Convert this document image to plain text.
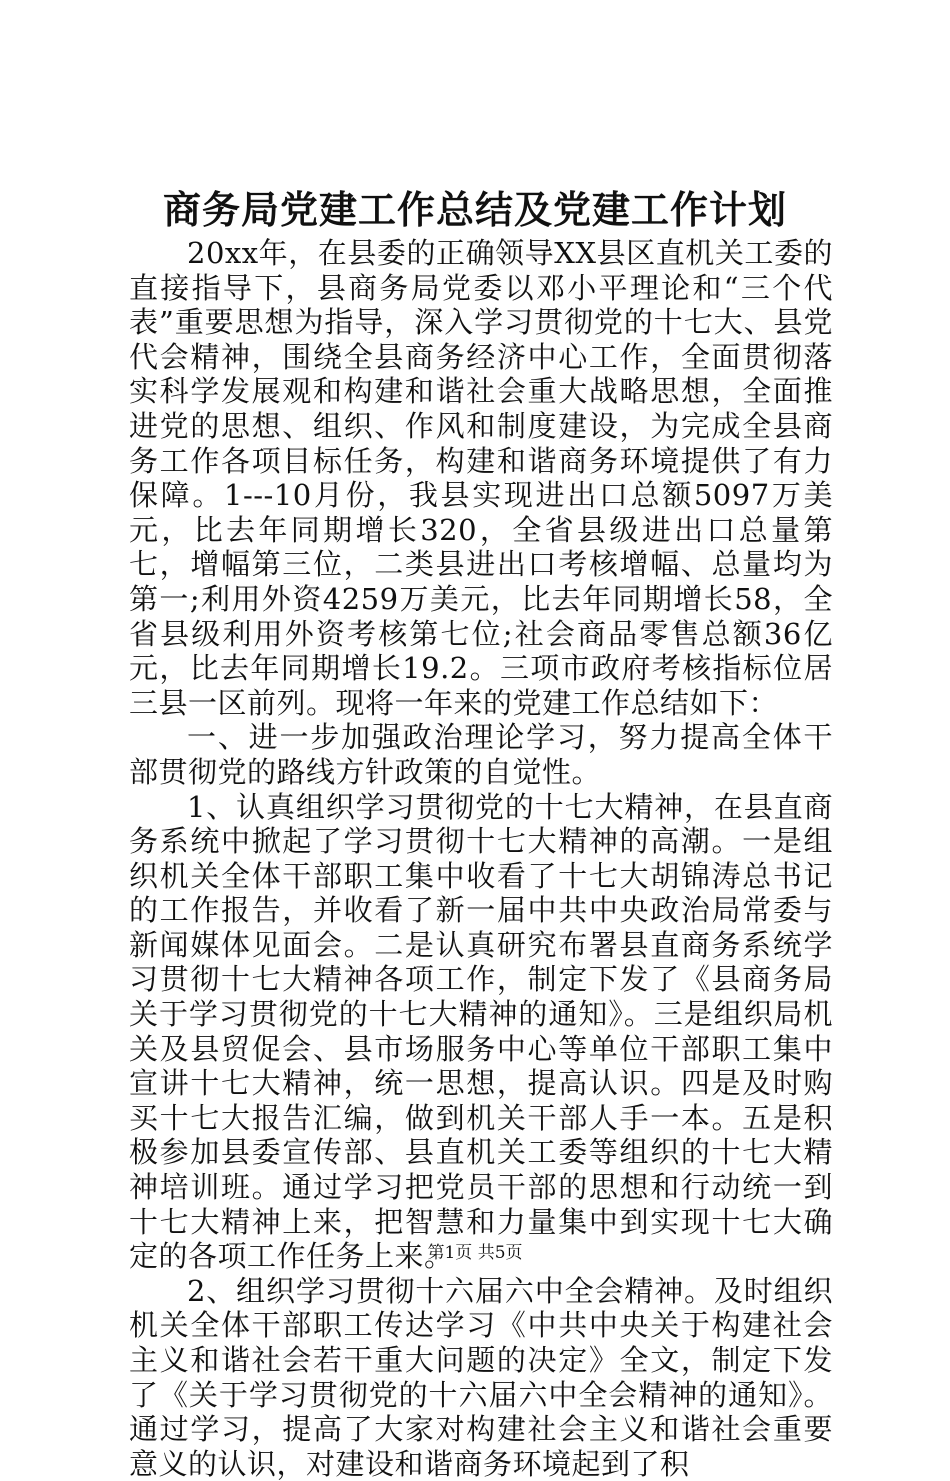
商务局党建工作总结及党建工作计划

20xx年，在县委的正确领导XX县区直机关工委的直接指导下，县商务局党委以邓小平理论和“三个代表”重要思想为指导，深入学习贯彻党的十七大、县党代会精神，围绕全县商务经济中心工作，全面贯彻落实科学发展观和构建和谐社会重大战略思想，全面推进党的思想、组织、作风和制度建设，为完成全县商务工作各项目标任务，构建和谐商务环境提供了有力保障。1---10月份，我县实现进出口总额5097万美元，比去年同期增长320，全省县级进出口总量第七，增幅第三位，二类县进出口考核增幅、总量均为第一;利用外资4259万美元，比去年同期增长58，全省县级利用外资考核第七位;社会商品零售总额36亿元，比去年同期增长19.2。三项市政府考核指标位居三县一区前列。现将一年来的党建工作总结如下：

一、进一步加强政治理论学习，努力提高全体干部贯彻党的路线方针政策的自觉性。

1、认真组织学习贯彻党的十七大精神，在县直商务系统中掀起了学习贯彻十七大精神的高潮。一是组织机关全体干部职工集中收看了十七大胡锦涛总书记的工作报告，并收看了新一届中共中央政治局常委与新闻媒体见面会。二是认真研究布署县直商务系统学习贯彻十七大精神各项工作，制定下发了《县商务局关于学习贯彻党的十七大精神的通知》。三是组织局机关及县贸促会、县市场服务中心等单位干部职工集中宣讲十七大精神，统一思想，提高认识。四是及时购买十七大报告汇编，做到机关干部人手一本。五是积极参加县委宣传部、县直机关工委等组织的十七大精神培训班。通过学习把党员干部的思想和行动统一到十七大精神上来，把智慧和力量集中到实现十七大确定的各项工作任务上来。

2、组织学习贯彻十六届六中全会精神。及时组织机关全体干部职工传达学习《中共中央关于构建社会主义和谐社会若干重大问题的决定》全文，制定下发了《关于学习贯彻党的十六届六中全会精神的通知》。通过学习，提高了大家对构建社会主义和谐社会重要意义的认识，对建设和谐商务环境起到了积

第1页 共5页
